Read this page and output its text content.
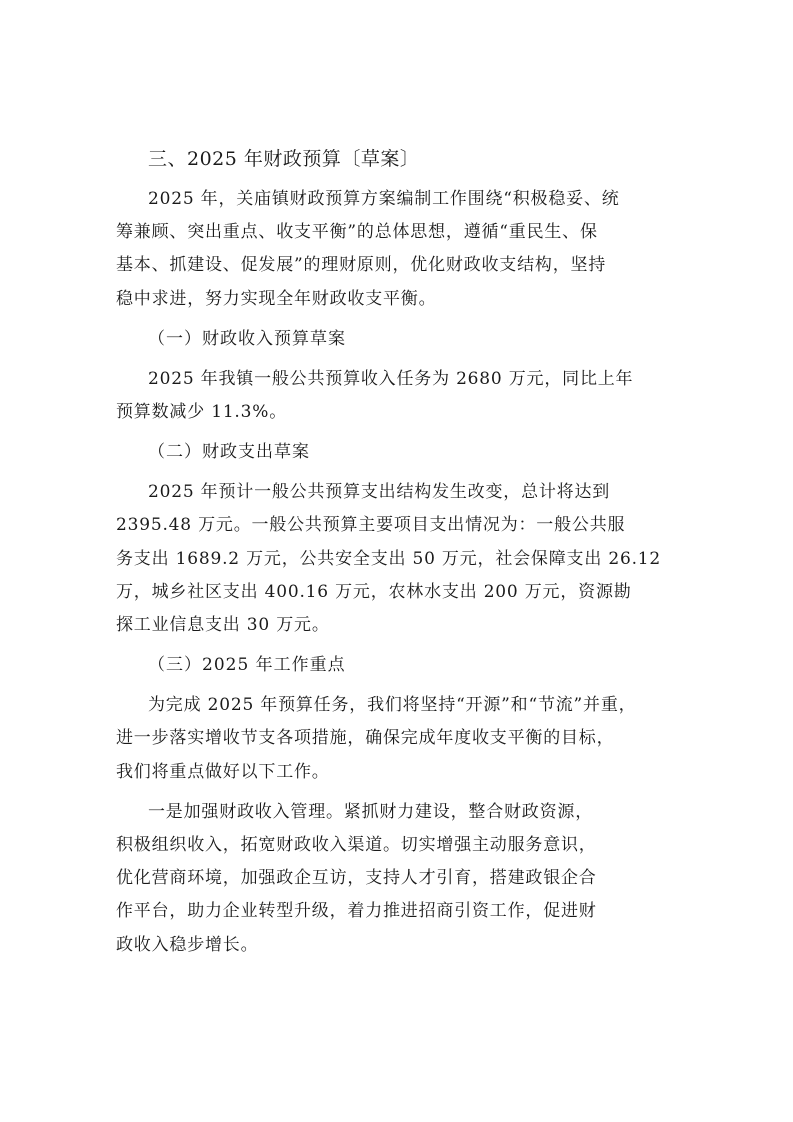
三、2025 年财政预算〔草案〕
2025 年，关庙镇财政预算方案编制工作围绕“积极稳妥、统
筹兼顾、突出重点、收支平衡”的总体思想，遵循“重民生、保
基本、抓建设、促发展”的理财原则，优化财政收支结构，坚持
稳中求进，努力实现全年财政收支平衡。
（一）财政收入预算草案
2025 年我镇一般公共预算收入任务为 2680 万元，同比上年
预算数减少 11.3%。
（二）财政支出草案
2025 年预计一般公共预算支出结构发生改变，总计将达到
2395.48 万元。一般公共预算主要项目支出情况为：一般公共服
务支出 1689.2 万元，公共安全支出 50 万元，社会保障支出 26.12
万，城乡社区支出 400.16 万元，农林水支出 200 万元，资源勘
探工业信息支出 30 万元。
（三）2025 年工作重点
为完成 2025 年预算任务，我们将坚持“开源”和“节流”并重，
进一步落实增收节支各项措施，确保完成年度收支平衡的目标，
我们将重点做好以下工作。
一是加强财政收入管理。紧抓财力建设，整合财政资源，
积极组织收入，拓宽财政收入渠道。切实增强主动服务意识，
优化营商环境，加强政企互访，支持人才引育，搭建政银企合
作平台，助力企业转型升级，着力推进招商引资工作，促进财
政收入稳步增长。
